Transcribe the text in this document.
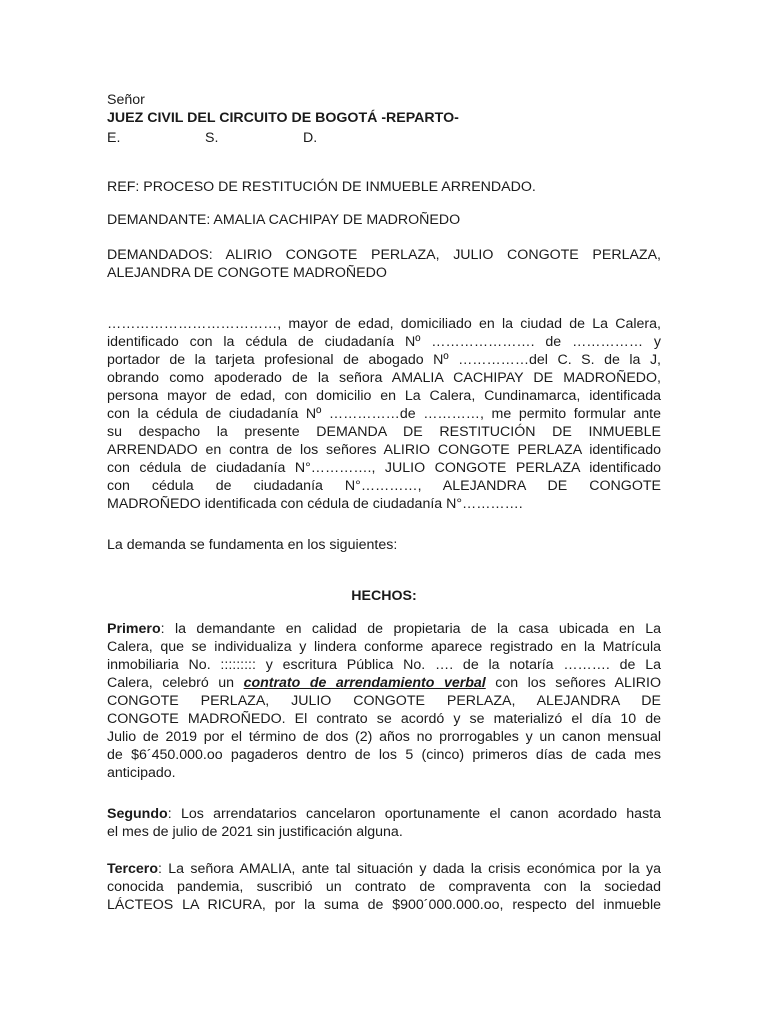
Señor
JUEZ CIVIL DEL CIRCUITO DE BOGOTÁ -REPARTO-
E.	S.	D.
REF: PROCESO DE RESTITUCIÓN DE INMUEBLE ARRENDADO.
DEMANDANTE: AMALIA CACHIPAY DE MADROÑEDO
DEMANDADOS: ALIRIO CONGOTE PERLAZA, JULIO CONGOTE PERLAZA,
ALEJANDRA DE CONGOTE MADROÑEDO
………………………………, mayor de edad, domiciliado en la ciudad de La Calera,
identificado con la cédula de ciudadanía Nº …………………. de …………… y
portador de la tarjeta profesional de abogado Nº ……………del C. S. de la J,
obrando como apoderado de la señora AMALIA CACHIPAY DE MADROÑEDO,
persona mayor de edad, con domicilio en La Calera, Cundinamarca, identificada
con la cédula de ciudadanía Nº ……………de …………, me permito formular ante
su despacho la presente DEMANDA DE RESTITUCIÓN DE INMUEBLE
ARRENDADO en contra de los señores ALIRIO CONGOTE PERLAZA identificado
con cédula de ciudadanía N°…………., JULIO CONGOTE PERLAZA identificado
con cédula de ciudadanía N°…………, ALEJANDRA DE CONGOTE
MADROÑEDO identificada con cédula de ciudadanía N°………….
La demanda se fundamenta en los siguientes:
HECHOS:
Primero: la demandante en calidad de propietaria de la casa ubicada en La
Calera, que se individualiza y lindera conforme aparece registrado en la Matrícula
inmobiliaria No. ::::::::: y escritura Pública No. …. de la notaría ………. de La
Calera, celebró un contrato de arrendamiento verbal con los señores ALIRIO
CONGOTE PERLAZA, JULIO CONGOTE PERLAZA, ALEJANDRA DE
CONGOTE MADROÑEDO. El contrato se acordó y se materializó el día 10 de
Julio de 2019 por el término de dos (2) años no prorrogables y un canon mensual
de $6´450.000.oo pagaderos dentro de los 5 (cinco) primeros días de cada mes
anticipado.
Segundo: Los arrendatarios cancelaron oportunamente el canon acordado hasta
el mes de julio de 2021 sin justificación alguna.
Tercero: La señora AMALIA, ante tal situación y dada la crisis económica por la ya
conocida pandemia, suscribió un contrato de compraventa con la sociedad
LÁCTEOS LA RICURA, por la suma de $900´000.000.oo, respecto del inmueble
